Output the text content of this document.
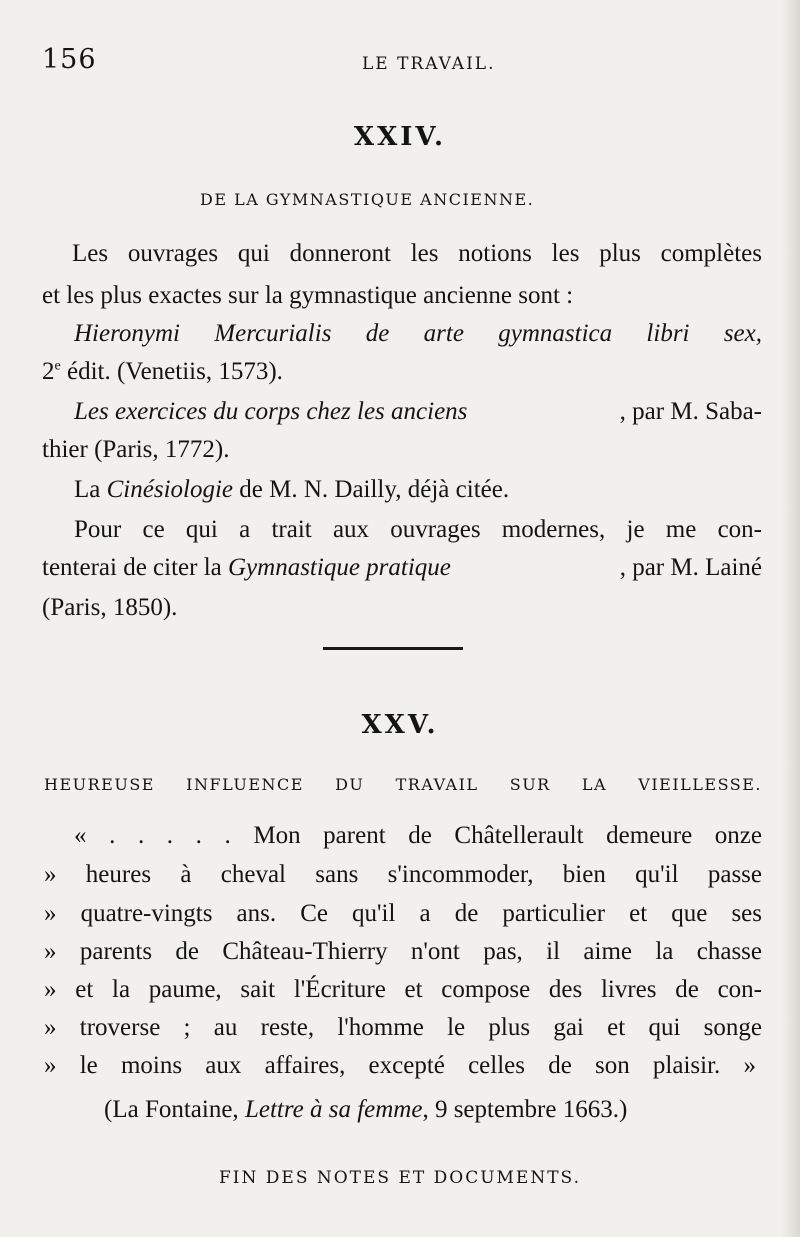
156	LE TRAVAIL.
XXIV.
DE LA GYMNASTIQUE ANCIENNE.
Les ouvrages qui donneront les notions les plus complètes
et les plus exactes sur la gymnastique ancienne sont :
Hieronymi Mercurialis de arte gymnastica libri sex,
2e édit. (Venetiis, 1573).
Les exercices du corps chez les anciens	, par M. Saba-
thier (Paris, 1772).
La Cinésiologie de M. N. Dailly, déjà citée.
Pour ce qui a trait aux ouvrages modernes, je me con-
tenterai de citer la Gymnastique pratique	, par M. Lainé
(Paris, 1850).
XXV.
HEUREUSE INFLUENCE DU TRAVAIL SUR LA VIEILLESSE.
« . . . . . Mon parent de Châtellerault demeure onze
» heures à cheval sans s'incommoder, bien qu'il passe
» quatre-vingts ans. Ce qu'il a de particulier et que ses
» parents de Château-Thierry n'ont pas, il aime la chasse
» et la paume, sait l'Écriture et compose des livres de con-
» troverse ; au reste, l'homme le plus gai et qui songe
» le moins aux affaires, excepté celles de son plaisir. »
(La Fontaine, Lettre à sa femme, 9 septembre 1663.)
FIN DES NOTES ET DOCUMENTS.
